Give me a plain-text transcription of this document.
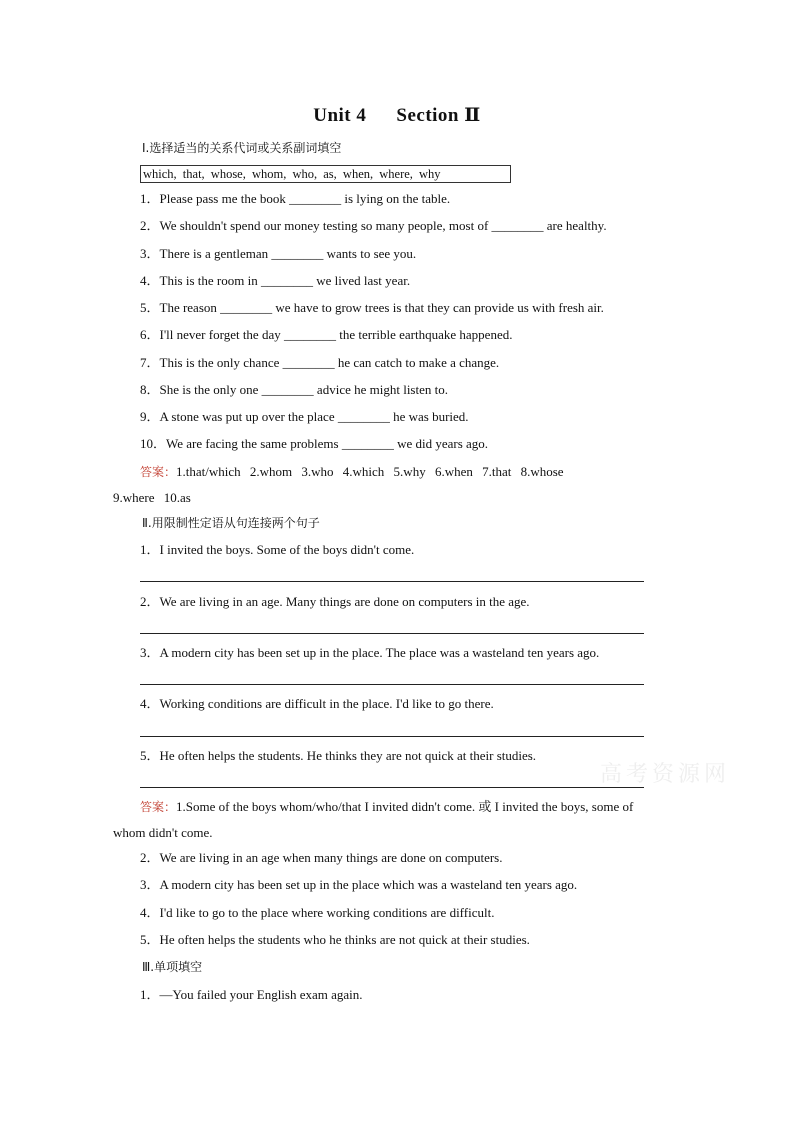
Unit 4 Section Ⅱ
Ⅰ.选择适当的关系代词或关系副词填空
which, that, whose, whom, who, as, when, where, why
1．Please pass me the book ________ is lying on the table.
2．We shouldn't spend our money testing so many people, most of ________ are healthy.
3．There is a gentleman ________ wants to see you.
4．This is the room in ________ we lived last year.
5．The reason ________ we have to grow trees is that they can provide us with fresh air.
6．I'll never forget the day ________ the terrible earthquake happened.
7．This is the only chance ________ he can catch to make a change.
8．She is the only one ________ advice he might listen to.
9．A stone was put up over the place ________ he was buried.
10．We are facing the same problems ________ we did years ago.
答案：1.that/which 2.whom 3.who 4.which 5.why 6.when 7.that 8.whose
9.where 10.as
Ⅱ.用限制性定语从句连接两个句子
1．I invited the boys. Some of the boys didn't come.
2．We are living in an age. Many things are done on computers in the age.
3．A modern city has been set up in the place. The place was a wasteland ten years ago.
4．Working conditions are difficult in the place. I'd like to go there.
5．He often helps the students. He thinks they are not quick at their studies.
高考资源网
答案：1.Some of the boys whom/who/that I invited didn't come. 或 I invited the boys, some of
whom didn't come.
2．We are living in an age when many things are done on computers.
3．A modern city has been set up in the place which was a wasteland ten years ago.
4．I'd like to go to the place where working conditions are difficult.
5．He often helps the students who he thinks are not quick at their studies.
Ⅲ.单项填空
1．—You failed your English exam again.
